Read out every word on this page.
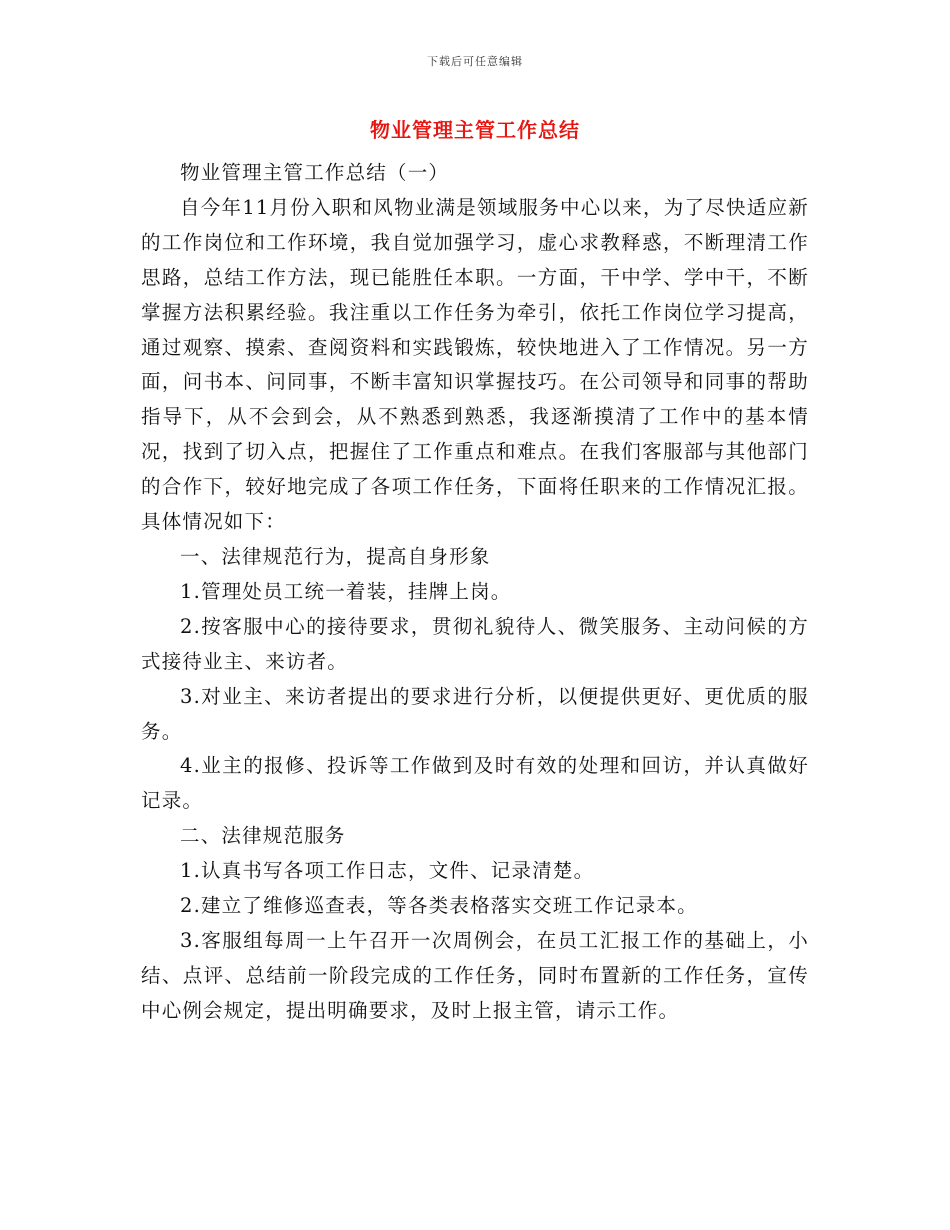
下载后可任意编辑
物业管理主管工作总结

物业管理主管工作总结（一）

自今年11月份入职和风物业满是领域服务中心以来，为了尽快适应新的工作岗位和工作环境，我自觉加强学习，虚心求教释惑，不断理清工作思路，总结工作方法，现已能胜任本职。一方面，干中学、学中干，不断掌握方法积累经验。我注重以工作任务为牵引，依托工作岗位学习提高，通过观察、摸索、查阅资料和实践锻炼，较快地进入了工作情况。另一方面，问书本、问同事，不断丰富知识掌握技巧。在公司领导和同事的帮助指导下，从不会到会，从不熟悉到熟悉，我逐渐摸清了工作中的基本情况，找到了切入点，把握住了工作重点和难点。在我们客服部与其他部门的合作下，较好地完成了各项工作任务，下面将任职来的工作情况汇报。具体情况如下：

一、法律规范行为，提高自身形象

1.管理处员工统一着装，挂牌上岗。

2.按客服中心的接待要求，贯彻礼貌待人、微笑服务、主动问候的方式接待业主、来访者。

3.对业主、来访者提出的要求进行分析，以便提供更好、更优质的服务。

4.业主的报修、投诉等工作做到及时有效的处理和回访，并认真做好记录。

二、法律规范服务

1.认真书写各项工作日志，文件、记录清楚。

2.建立了维修巡查表，等各类表格落实交班工作记录本。

3.客服组每周一上午召开一次周例会，在员工汇报工作的基础上，小结、点评、总结前一阶段完成的工作任务，同时布置新的工作任务，宣传中心例会规定，提出明确要求，及时上报主管，请示工作。
